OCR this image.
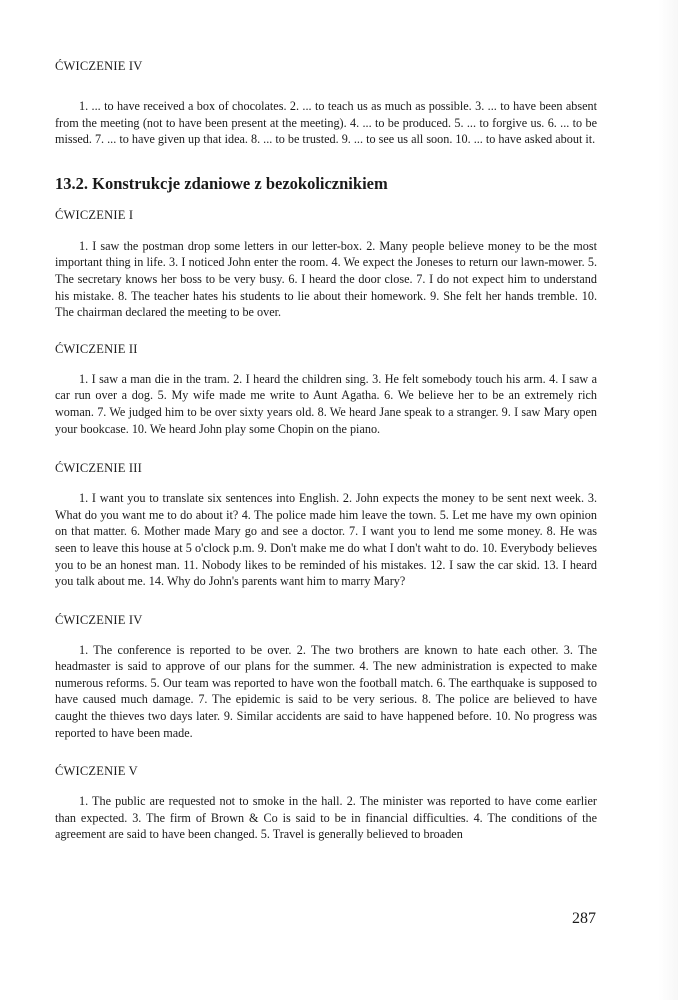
ĆWICZENIE IV

1. ... to have received a box of chocolates. 2. ... to teach us as much as possible. 3. ... to have been absent from the meeting (not to have been present at the meeting). 4. ... to be produced. 5. ... to forgive us. 6. ... to be missed. 7. ... to have given up that idea. 8. ... to be trusted. 9. ... to see us all soon. 10. ... to have asked about it.

13.2. Konstrukcje zdaniowe z bezokolicznikiem

ĆWICZENIE I

1. I saw the postman drop some letters in our letter-box. 2. Many people believe money to be the most important thing in life. 3. I noticed John enter the room. 4. We expect the Joneses to return our lawn-mower. 5. The secretary knows her boss to be very busy. 6. I heard the door close. 7. I do not expect him to understand his mistake. 8. The teacher hates his students to lie about their homework. 9. She felt her hands tremble. 10. The chairman declared the meeting to be over.

ĆWICZENIE II

1. I saw a man die in the tram. 2. I heard the children sing. 3. He felt somebody touch his arm. 4. I saw a car run over a dog. 5. My wife made me write to Aunt Agatha. 6. We believe her to be an extremely rich woman. 7. We judged him to be over sixty years old. 8. We heard Jane speak to a stranger. 9. I saw Mary open your bookcase. 10. We heard John play some Chopin on the piano.

ĆWICZENIE III

1. I want you to translate six sentences into English. 2. John expects the money to be sent next week. 3. What do you want me to do about it? 4. The police made him leave the town. 5. Let me have my own opinion on that matter. 6. Mother made Mary go and see a doctor. 7. I want you to lend me some money. 8. He was seen to leave this house at 5 o'clock p.m. 9. Don't make me do what I don't waht to do. 10. Everybody believes you to be an honest man. 11. Nobody likes to be reminded of his mistakes. 12. I saw the car skid. 13. I heard you talk about me. 14. Why do John's parents want him to marry Mary?

ĆWICZENIE IV

1. The conference is reported to be over. 2. The two brothers are known to hate each other. 3. The headmaster is said to approve of our plans for the summer. 4. The new administration is expected to make numerous reforms. 5. Our team was reported to have won the football match. 6. The earthquake is supposed to have caused much damage. 7. The epidemic is said to be very serious. 8. The police are believed to have caught the thieves two days later. 9. Similar accidents are said to have happened before. 10. No progress was reported to have been made.

ĆWICZENIE V

1. The public are requested not to smoke in the hall. 2. The minister was reported to have come earlier than expected. 3. The firm of Brown & Co is said to be in financial difficulties. 4. The conditions of the agreement are said to have been changed. 5. Travel is generally believed to broaden

287
